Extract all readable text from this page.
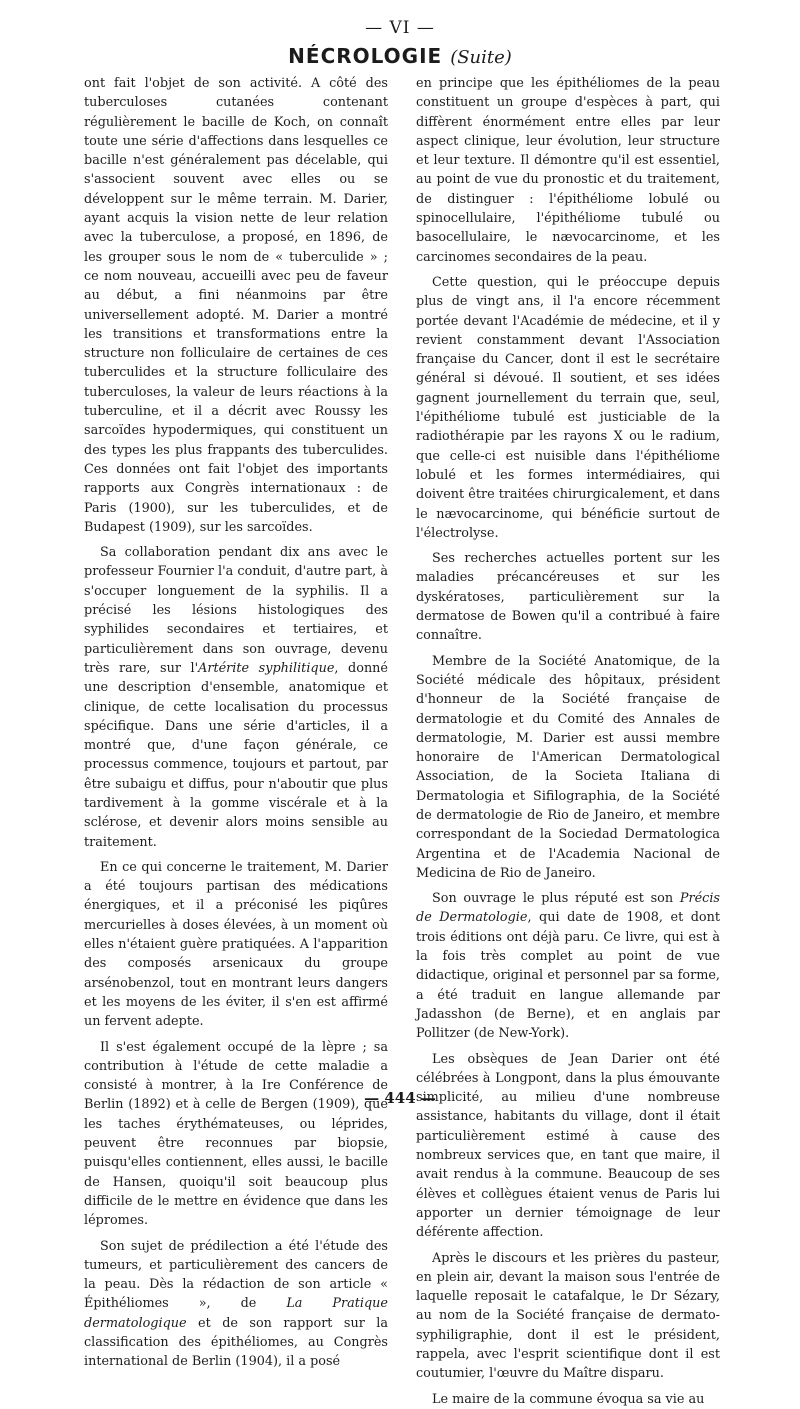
— VI —
NÉCROLOGIE (Suite)

ont fait l'objet de son activité. A côté des tuberculoses cutanées contenant régulièrement le bacille de Koch, on connaît toute une série d'affections dans lesquelles ce bacille n'est généralement pas décelable, qui s'associent souvent avec elles ou se développent sur le même terrain. M. Darier, ayant acquis la vision nette de leur relation avec la tuberculose, a proposé, en 1896, de les grouper sous le nom de « tuberculide » ; ce nom nouveau, accueilli avec peu de faveur au début, a fini néanmoins par être universellement adopté. M. Darier a montré les transitions et transformations entre la structure non folliculaire de certaines de ces tuberculides et la structure folliculaire des tuberculoses, la valeur de leurs réactions à la tuberculine, et il a décrit avec Roussy les sarcoïdes hypodermiques, qui constituent un des types les plus frappants des tuberculides. Ces données ont fait l'objet des importants rapports aux Congrès internationaux : de Paris (1900), sur les tuberculides, et de Budapest (1909), sur les sarcoïdes.

Sa collaboration pendant dix ans avec le professeur Fournier l'a conduit, d'autre part, à s'occuper longuement de la syphilis. Il a précisé les lésions histologiques des syphilides secondaires et tertiaires, et particulièrement dans son ouvrage, devenu très rare, sur l'Artérite syphilitique, donné une description d'ensemble, anatomique et clinique, de cette localisation du processus spécifique. Dans une série d'articles, il a montré que, d'une façon générale, ce processus commence, toujours et partout, par être subaigu et diffus, pour n'aboutir que plus tardivement à la gomme viscérale et à la sclérose, et devenir alors moins sensible au traitement.

En ce qui concerne le traitement, M. Darier a été toujours partisan des médications énergiques, et il a préconisé les piqûres mercurielles à doses élevées, à un moment où elles n'étaient guère pratiquées. A l'apparition des composés arsenicaux du groupe arsénobenzol, tout en montrant leurs dangers et les moyens de les éviter, il s'en est affirmé un fervent adepte.

Il s'est également occupé de la lèpre ; sa contribution à l'étude de cette maladie a consisté à montrer, à la Ire Conférence de Berlin (1892) et à celle de Bergen (1909), que les taches érythémateuses, ou léprides, peuvent être reconnues par biopsie, puisqu'elles contiennent, elles aussi, le bacille de Hansen, quoiqu'il soit beaucoup plus difficile de le mettre en évidence que dans les lépromes.

Son sujet de prédilection a été l'étude des tumeurs, et particulièrement des cancers de la peau. Dès la rédaction de son article « Épithéliomes », de La Pratique dermatologique et de son rapport sur la classification des épithéliomes, au Congrès international de Berlin (1904), il a posé

en principe que les épithéliomes de la peau constituent un groupe d'espèces à part, qui diffèrent énormément entre elles par leur aspect clinique, leur évolution, leur structure et leur texture. Il démontre qu'il est essentiel, au point de vue du pronostic et du traitement, de distinguer : l'épithéliome lobulé ou spinocellulaire, l'épithéliome tubulé ou basocellulaire, le nævocarcinome, et les carcinomes secondaires de la peau.

Cette question, qui le préoccupe depuis plus de vingt ans, il l'a encore récemment portée devant l'Académie de médecine, et il y revient constamment devant l'Association française du Cancer, dont il est le secrétaire général si dévoué. Il soutient, et ses idées gagnent journellement du terrain que, seul, l'épithéliome tubulé est justiciable de la radiothérapie par les rayons X ou le radium, que celle-ci est nuisible dans l'épithéliome lobulé et les formes intermédiaires, qui doivent être traitées chirurgicalement, et dans le nævocarcinome, qui bénéficie surtout de l'électrolyse.

Ses recherches actuelles portent sur les maladies précancéreuses et sur les dyskératoses, particulièrement sur la dermatose de Bowen qu'il a contribué à faire connaître.

Membre de la Société Anatomique, de la Société médicale des hôpitaux, président d'honneur de la Société française de dermatologie et du Comité des Annales de dermatologie, M. Darier est aussi membre honoraire de l'American Dermatological Association, de la Societa Italiana di Dermatologia et Sifilographia, de la Société de dermatologie de Rio de Janeiro, et membre correspondant de la Sociedad Dermatologica Argentina et de l'Academia Nacional de Medicina de Rio de Janeiro.

Son ouvrage le plus réputé est son Précis de Dermatologie, qui date de 1908, et dont trois éditions ont déjà paru. Ce livre, qui est à la fois très complet au point de vue didactique, original et personnel par sa forme, a été traduit en langue allemande par Jadasshon (de Berne), et en anglais par Pollitzer (de New-York).

Les obsèques de Jean Darier ont été célébrées à Longpont, dans la plus émouvante simplicité, au milieu d'une nombreuse assistance, habitants du village, dont il était particulièrement estimé à cause des nombreux services que, en tant que maire, il avait rendus à la commune. Beaucoup de ses élèves et collègues étaient venus de Paris lui apporter un dernier témoignage de leur déférente affection.

Après le discours et les prières du pasteur, en plein air, devant la maison sous l'entrée de laquelle reposait le catafalque, le Dr Sézary, au nom de la Société française de dermato-syphiligraphie, dont il est le président, rappela, avec l'esprit scientifique dont il est coutumier, l'œuvre du Maître disparu.

Le maire de la commune évoqua sa vie au

— 444 —
